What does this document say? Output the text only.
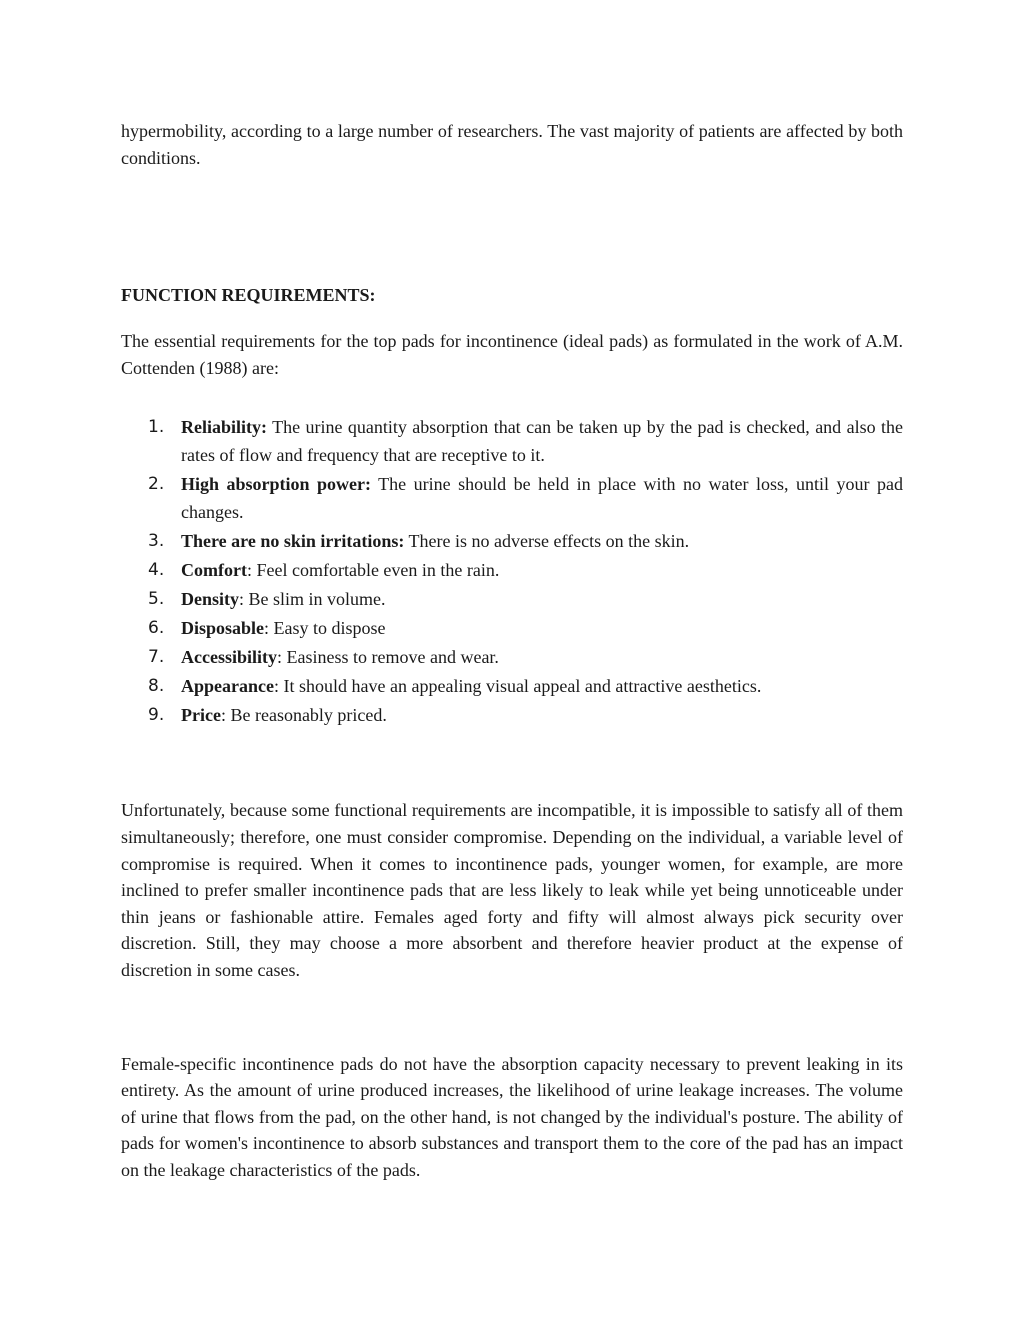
hypermobility, according to a large number of researchers. The vast majority of patients are affected by both conditions.

FUNCTION REQUIREMENTS:

The essential requirements for the top pads for incontinence (ideal pads) as formulated in the work of A.M. Cottenden (1988) are:

1. Reliability: The urine quantity absorption that can be taken up by the pad is checked, and also the rates of flow and frequency that are receptive to it.
2. High absorption power: The urine should be held in place with no water loss, until your pad changes.
3. There are no skin irritations: There is no adverse effects on the skin.
4. Comfort: Feel comfortable even in the rain.
5. Density: Be slim in volume.
6. Disposable: Easy to dispose
7. Accessibility: Easiness to remove and wear.
8. Appearance: It should have an appealing visual appeal and attractive aesthetics.
9. Price: Be reasonably priced.

Unfortunately, because some functional requirements are incompatible, it is impossible to satisfy all of them simultaneously; therefore, one must consider compromise. Depending on the individual, a variable level of compromise is required. When it comes to incontinence pads, younger women, for example, are more inclined to prefer smaller incontinence pads that are less likely to leak while yet being unnoticeable under thin jeans or fashionable attire. Females aged forty and fifty will almost always pick security over discretion. Still, they may choose a more absorbent and therefore heavier product at the expense of discretion in some cases.

Female-specific incontinence pads do not have the absorption capacity necessary to prevent leaking in its entirety. As the amount of urine produced increases, the likelihood of urine leakage increases. The volume of urine that flows from the pad, on the other hand, is not changed by the individual's posture. The ability of pads for women's incontinence to absorb substances and transport them to the core of the pad has an impact on the leakage characteristics of the pads.
